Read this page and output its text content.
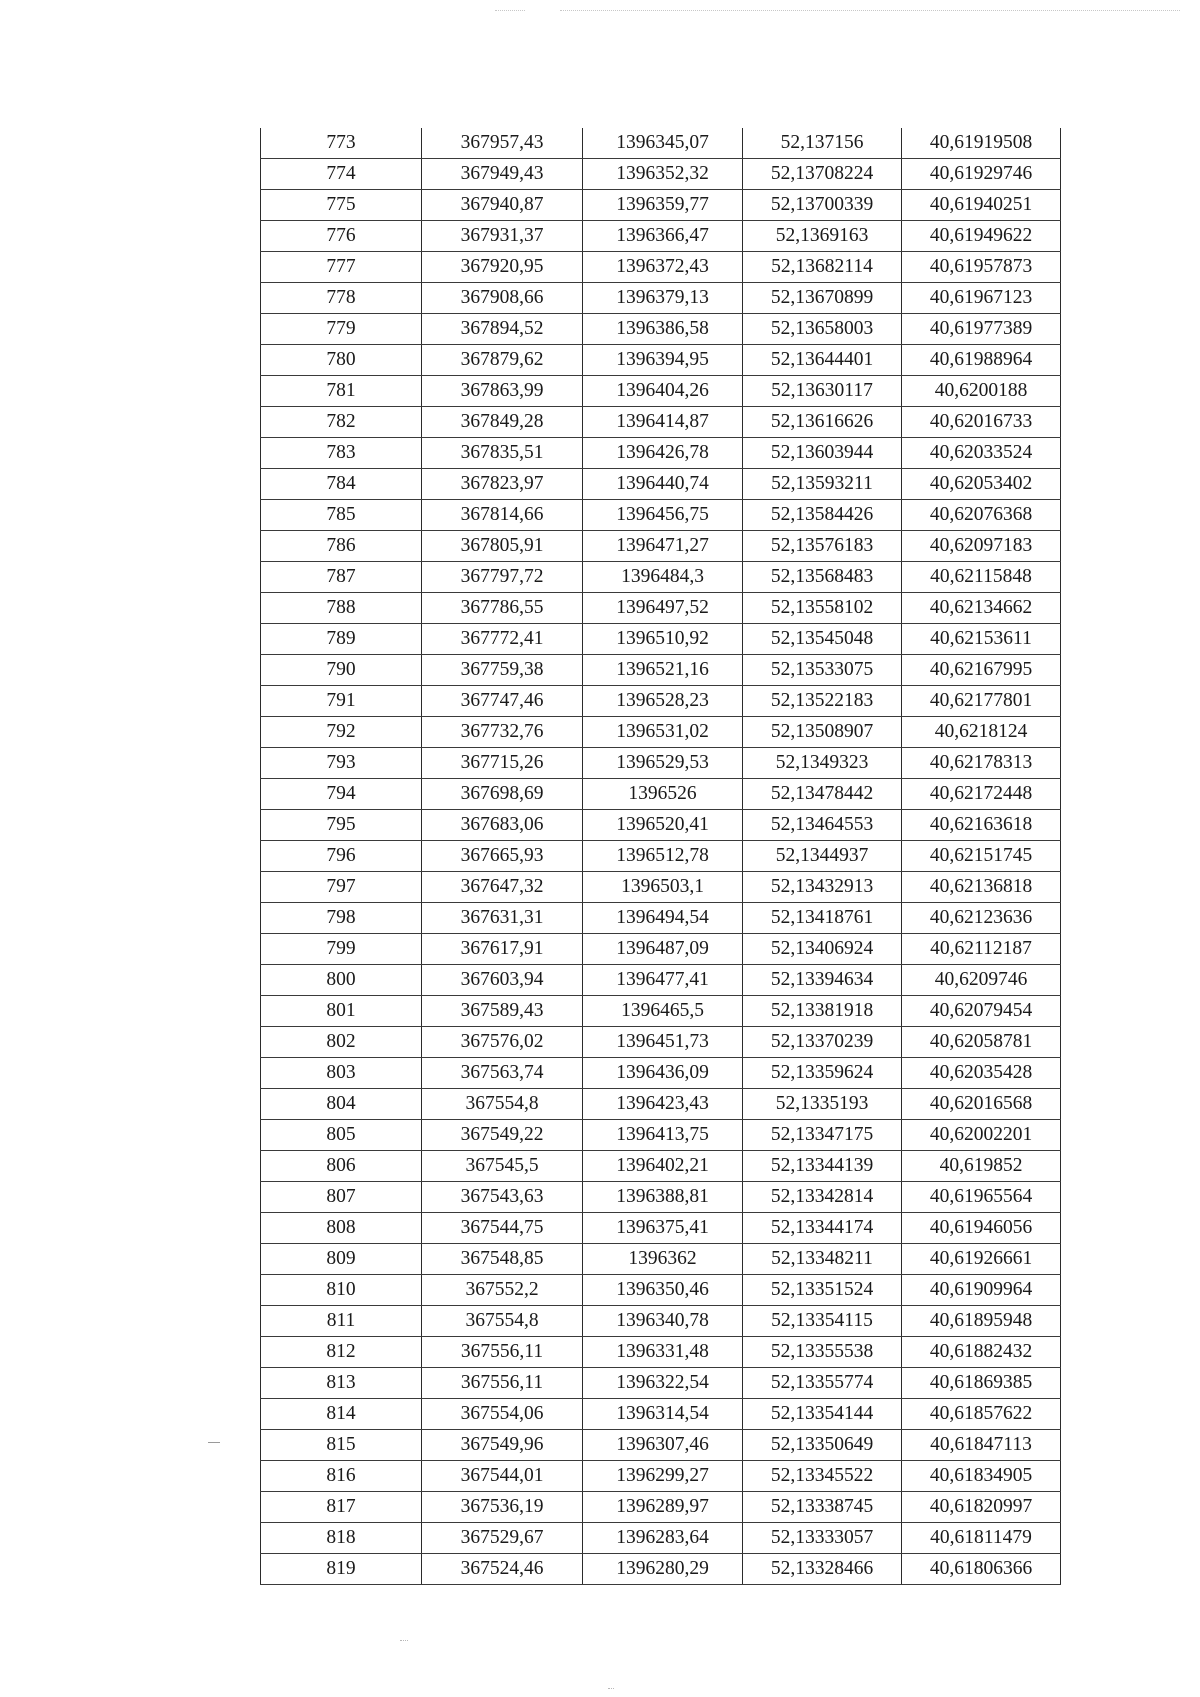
773	367957,43	1396345,07	52,137156	40,61919508
774	367949,43	1396352,32	52,13708224	40,61929746
775	367940,87	1396359,77	52,13700339	40,61940251
776	367931,37	1396366,47	52,1369163	40,61949622
777	367920,95	1396372,43	52,13682114	40,61957873
778	367908,66	1396379,13	52,13670899	40,61967123
779	367894,52	1396386,58	52,13658003	40,61977389
780	367879,62	1396394,95	52,13644401	40,61988964
781	367863,99	1396404,26	52,13630117	40,6200188
782	367849,28	1396414,87	52,13616626	40,62016733
783	367835,51	1396426,78	52,13603944	40,62033524
784	367823,97	1396440,74	52,13593211	40,62053402
785	367814,66	1396456,75	52,13584426	40,62076368
786	367805,91	1396471,27	52,13576183	40,62097183
787	367797,72	1396484,3	52,13568483	40,62115848
788	367786,55	1396497,52	52,13558102	40,62134662
789	367772,41	1396510,92	52,13545048	40,62153611
790	367759,38	1396521,16	52,13533075	40,62167995
791	367747,46	1396528,23	52,13522183	40,62177801
792	367732,76	1396531,02	52,13508907	40,6218124
793	367715,26	1396529,53	52,1349323	40,62178313
794	367698,69	1396526	52,13478442	40,62172448
795	367683,06	1396520,41	52,13464553	40,62163618
796	367665,93	1396512,78	52,1344937	40,62151745
797	367647,32	1396503,1	52,13432913	40,62136818
798	367631,31	1396494,54	52,13418761	40,62123636
799	367617,91	1396487,09	52,13406924	40,62112187
800	367603,94	1396477,41	52,13394634	40,6209746
801	367589,43	1396465,5	52,13381918	40,62079454
802	367576,02	1396451,73	52,13370239	40,62058781
803	367563,74	1396436,09	52,13359624	40,62035428
804	367554,8	1396423,43	52,1335193	40,62016568
805	367549,22	1396413,75	52,13347175	40,62002201
806	367545,5	1396402,21	52,13344139	40,619852
807	367543,63	1396388,81	52,13342814	40,61965564
808	367544,75	1396375,41	52,13344174	40,61946056
809	367548,85	1396362	52,13348211	40,61926661
810	367552,2	1396350,46	52,13351524	40,61909964
811	367554,8	1396340,78	52,13354115	40,61895948
812	367556,11	1396331,48	52,13355538	40,61882432
813	367556,11	1396322,54	52,13355774	40,61869385
814	367554,06	1396314,54	52,13354144	40,61857622
815	367549,96	1396307,46	52,13350649	40,61847113
816	367544,01	1396299,27	52,13345522	40,61834905
817	367536,19	1396289,97	52,13338745	40,61820997
818	367529,67	1396283,64	52,13333057	40,61811479
819	367524,46	1396280,29	52,13328466	40,61806366
